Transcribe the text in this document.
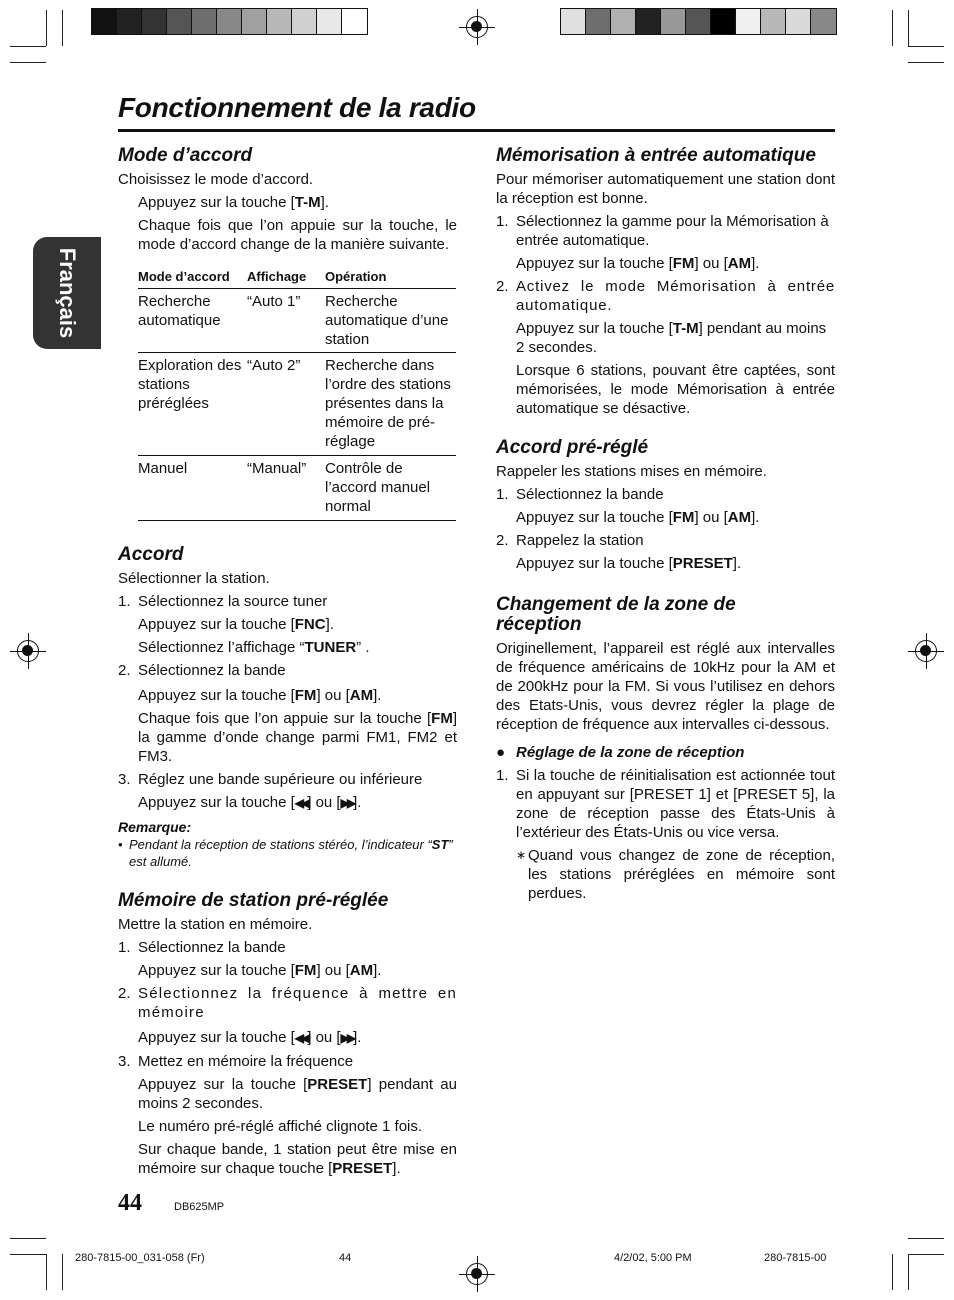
Fonctionnement de la radio
Français
Mode d’accord

Choisissez le mode d’accord.

Appuyez sur la touche [T-M].

Chaque fois que l’on appuie sur la touche, le mode d’accord change de la manière suivante.

Mode d’accord	Affichage	Opération
Recherche automatique	“Auto 1”	Recherche automatique d’une station
Exploration des stations préréglées	“Auto 2”	Recherche dans l’ordre des stations présentes dans la mémoire de pré-réglage
Manuel	“Manual”	Contrôle de l’accord manuel normal
Accord

Sélectionner la station.

1. Sélectionnez la source tuner

Appuyez sur la touche [FNC].

Sélectionnez l’affichage “TUNER” .

2. Sélectionnez la bande

Appuyez sur la touche [FM] ou [AM].

Chaque fois que l’on appuie sur la touche [FM] la gamme d’onde change parmi FM1, FM2 et FM3.

3. Réglez une bande supérieure ou inférieure

Appuyez sur la touche [◀◀] ou [▶▶].

Remarque:

• Pendant la réception de stations stéréo, l’indicateur “ST” est allumé.

Mémoire de station pré-réglée

Mettre la station en mémoire.

1. Sélectionnez la bande

Appuyez sur la touche [FM] ou [AM].

2. Sélectionnez la fréquence à mettre en mémoire

Appuyez sur la touche [◀◀] ou [▶▶].

3. Mettez en mémoire la fréquence

Appuyez sur la touche [PRESET] pendant au moins 2 secondes.

Le numéro pré-réglé affiché clignote 1 fois.

Sur chaque bande, 1 station peut être mise en mémoire sur chaque touche [PRESET].

Mémorisation à entrée automatique

Pour mémoriser automatiquement une station dont la réception est bonne.

1. Sélectionnez la gamme pour la Mémorisation à entrée automatique.

Appuyez sur la touche [FM] ou [AM].

2. Activez le mode Mémorisation à entrée automatique.

Appuyez sur la touche [T-M] pendant au moins 2 secondes.

Lorsque 6 stations, pouvant être captées, sont mémorisées, le mode Mémorisation à entrée automatique se désactive.

Accord pré-réglé

Rappeler les stations mises en mémoire.

1. Sélectionnez la bande

Appuyez sur la touche [FM] ou [AM].

2. Rappelez la station

Appuyez sur la touche [PRESET].

Changement de la zone de réception

Originellement, l’appareil est réglé aux intervalles de fréquence américains de 10kHz pour la AM et de 200kHz pour la FM. Si vous l’utilisez en dehors des Etats-Unis, vous devrez régler la plage de réception de fréquence aux intervalles ci-dessous.

● Réglage de la zone de réception

1. Si la touche de réinitialisation est actionnée tout en appuyant sur [PRESET 1] et [PRESET 5], la zone de réception passe des États-Unis à l’extérieur des États-Unis ou vice versa.

∗ Quand vous changez de zone de réception, les stations préréglées en mémoire sont perdues.

44	DB625MP
280-7815-00_031-058 (Fr)	44	4/2/02, 5:00 PM	280-7815-00
